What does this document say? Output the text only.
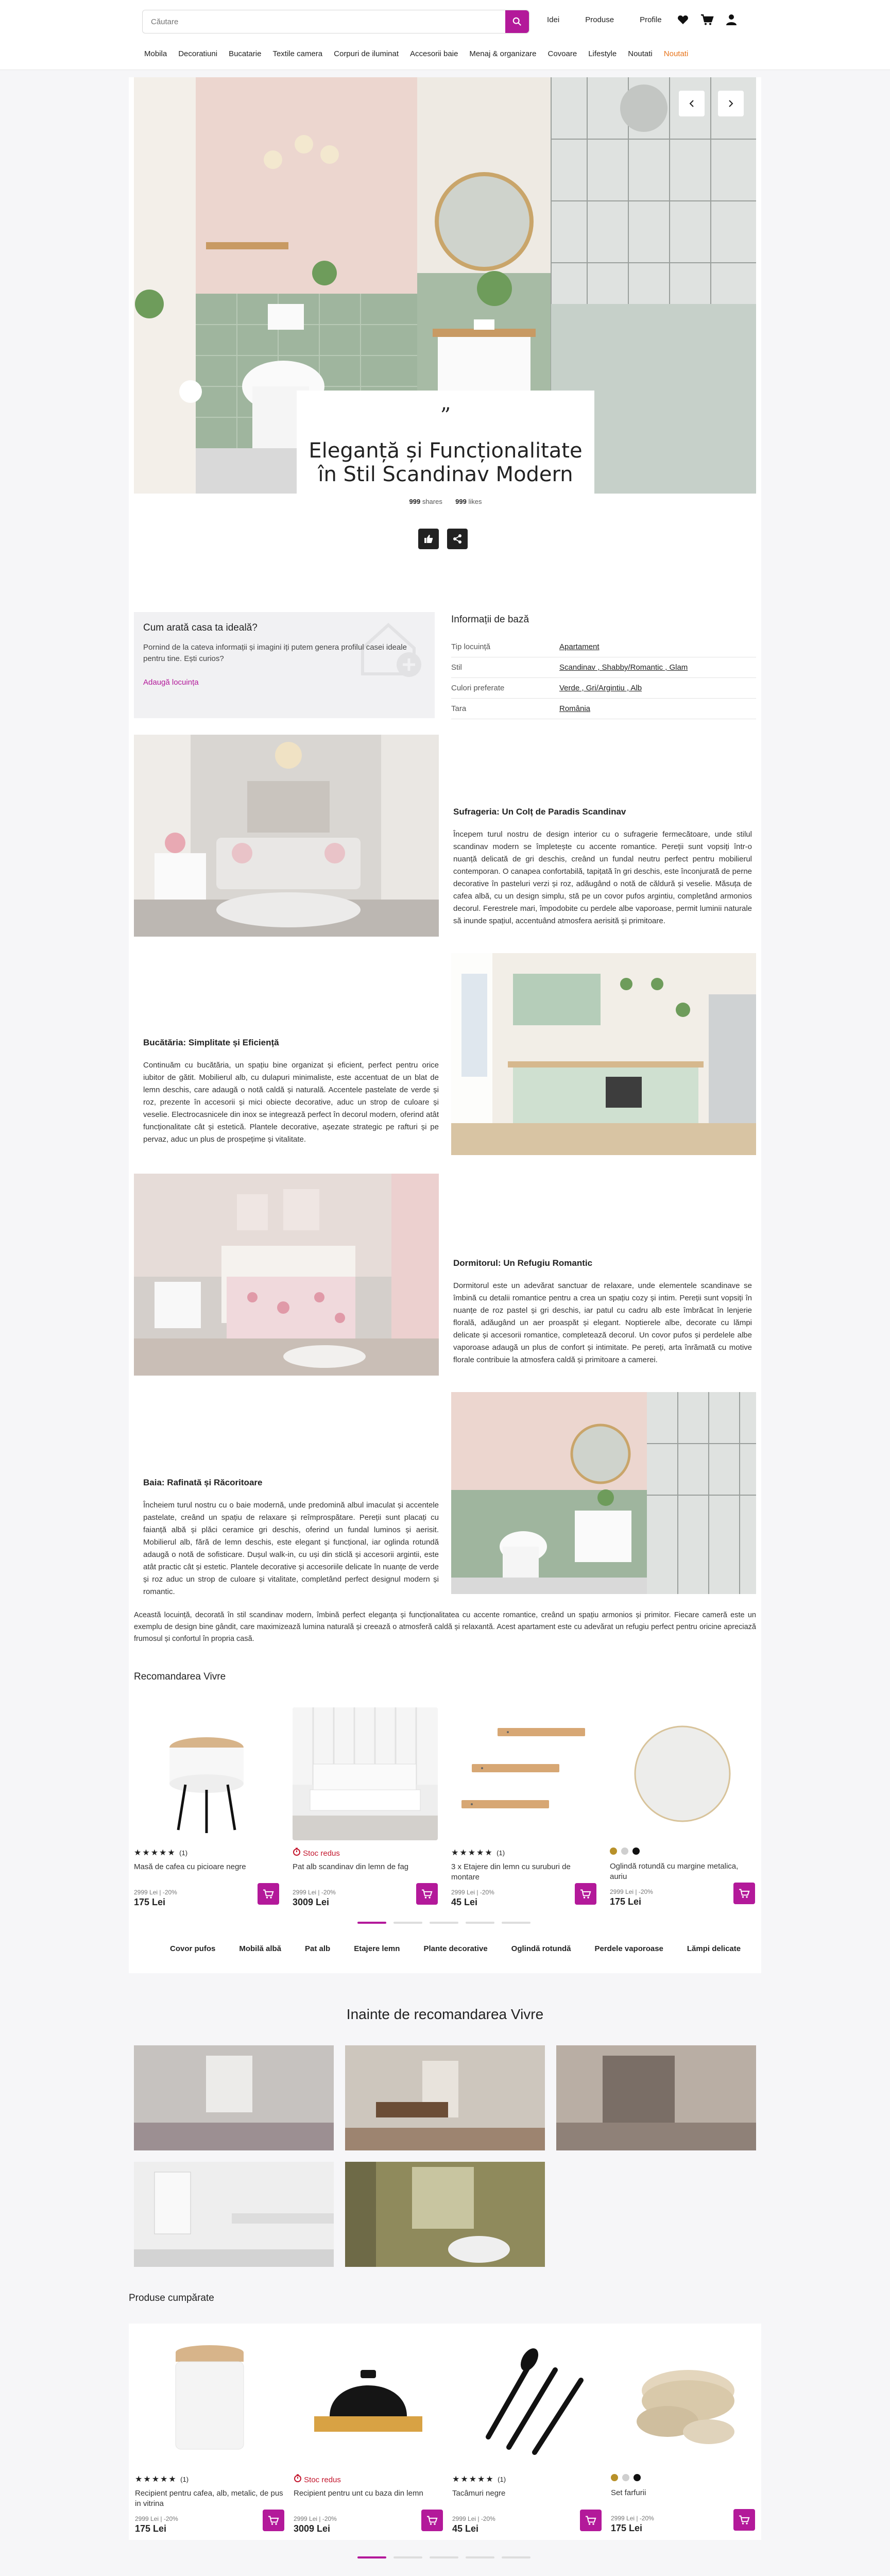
Căutare
Idei	Produse	Profile
Mobila Decoratiuni Bucatarie Textile camera Corpuri de iluminat Accesorii baie Menaj & organizare Covoare Lifestyle Noutati Noutati
”
Eleganță și Funcționalitate
în Stil Scandinav Modern
999 shares 999 likes
Cum arată casa ta ideală?
Pornind de la cateva informații și imagini iți putem genera profilul casei ideale pentru tine. Ești curios?
Adaugă locuința
Informații de bază
Tip locuință	Apartament
Stil	Scandinav , Shabby/Romantic , Glam
Culori preferate	Verde , Gri/Argintiu , Alb
Tara	România
Sufrageria: Un Colț de Paradis Scandinav

Începem turul nostru de design interior cu o sufragerie fermecătoare, unde stilul scandinav modern se împletește cu accente romantice. Pereții sunt vopsiți într-o nuanță delicată de gri deschis, creând un fundal neutru perfect pentru mobilierul contemporan. O canapea confortabilă, tapițată în gri deschis, este înconjurată de perne decorative în pasteluri verzi și roz, adăugând o notă de căldură și veselie. Măsuța de cafea albă, cu un design simplu, stă pe un covor pufos argintiu, completând armonios decorul. Ferestrele mari, împodobite cu perdele albe vaporoase, permit luminii naturale să inunde spațiul, accentuând atmosfera aerisită și primitoare.

Bucătăria: Simplitate și Eficiență

Continuăm cu bucătăria, un spațiu bine organizat și eficient, perfect pentru orice iubitor de gătit. Mobilierul alb, cu dulapuri minimaliste, este accentuat de un blat de lemn deschis, care adaugă o notă caldă și naturală. Accentele pastelate de verde și roz, prezente în accesorii și mici obiecte decorative, aduc un strop de culoare și veselie. Electrocasnicele din inox se integrează perfect în decorul modern, oferind atât funcționalitate cât și estetică. Plantele decorative, așezate strategic pe rafturi și pe pervaz, aduc un plus de prospețime și vitalitate.

Dormitorul: Un Refugiu Romantic

Dormitorul este un adevărat sanctuar de relaxare, unde elementele scandinave se îmbină cu detalii romantice pentru a crea un spațiu cozy și intim. Pereții sunt vopsiți în nuanțe de roz pastel și gri deschis, iar patul cu cadru alb este îmbrăcat în lenjerie florală, adăugând un aer proaspăt și elegant. Noptierele albe, decorate cu lămpi delicate și accesorii romantice, completează decorul. Un covor pufos și perdelele albe vaporoase adaugă un plus de confort și intimitate. Pe pereți, arta înrămată cu motive florale contribuie la atmosfera caldă și primitoare a camerei.

Baia: Rafinată și Răcoritoare

Încheiem turul nostru cu o baie modernă, unde predomină albul imaculat și accentele pastelate, creând un spațiu de relaxare și reîmprospătare. Pereții sunt placați cu faianță albă și plăci ceramice gri deschis, oferind un fundal luminos și aerisit. Mobilierul alb, fără de lemn deschis, este elegant și funcțional, iar oglinda rotundă adaugă o notă de sofisticare. Dușul walk-in, cu uși din sticlă și accesorii argintii, este atât practic cât și estetic. Plantele decorative și accesoriile delicate în nuanțe de verde și roz aduc un strop de culoare și vitalitate, completând perfect designul modern și romantic.

Această locuință, decorată în stil scandinav modern, îmbină perfect eleganța și funcționalitatea cu accente romantice, creând un spațiu armonios și primitor. Fiecare cameră este un exemplu de design bine gândit, care maximizează lumina naturală și creează o atmosferă caldă și relaxantă. Acest apartament este cu adevărat un refugiu perfect pentru oricine apreciază frumosul și confortul în propria casă.
Recomandarea Vivre
★★★★★ (1)
Masă de cafea cu picioare negre
2999 Lei | -20%
175 Lei
Stoc redus
Pat alb scandinav din lemn de fag
2999 Lei | -20%
3009 Lei
★★★★★ (1)
3 x Etajere din lemn cu suruburi de montare
2999 Lei | -20%
45 Lei
Oglindă rotundă cu margine metalica, auriu
2999 Lei | -20%
175 Lei
Covor pufos	Mobilă albă	Pat alb	Etajere lemn	Plante decorative	Oglindă rotundă	Perdele vaporoase	Lămpi delicate
Inainte de recomandarea Vivre
Produse cumpărate
★★★★★ (1)
Recipient pentru cafea, alb, metalic, de pus in vitrina
2999 Lei | -20%
175 Lei
Stoc redus
Recipient pentru unt cu baza din lemn
2999 Lei | -20%
3009 Lei
★★★★★ (1)
Tacâmuri negre
2999 Lei | -20%
45 Lei
Set farfurii
2999 Lei | -20%
175 Lei
